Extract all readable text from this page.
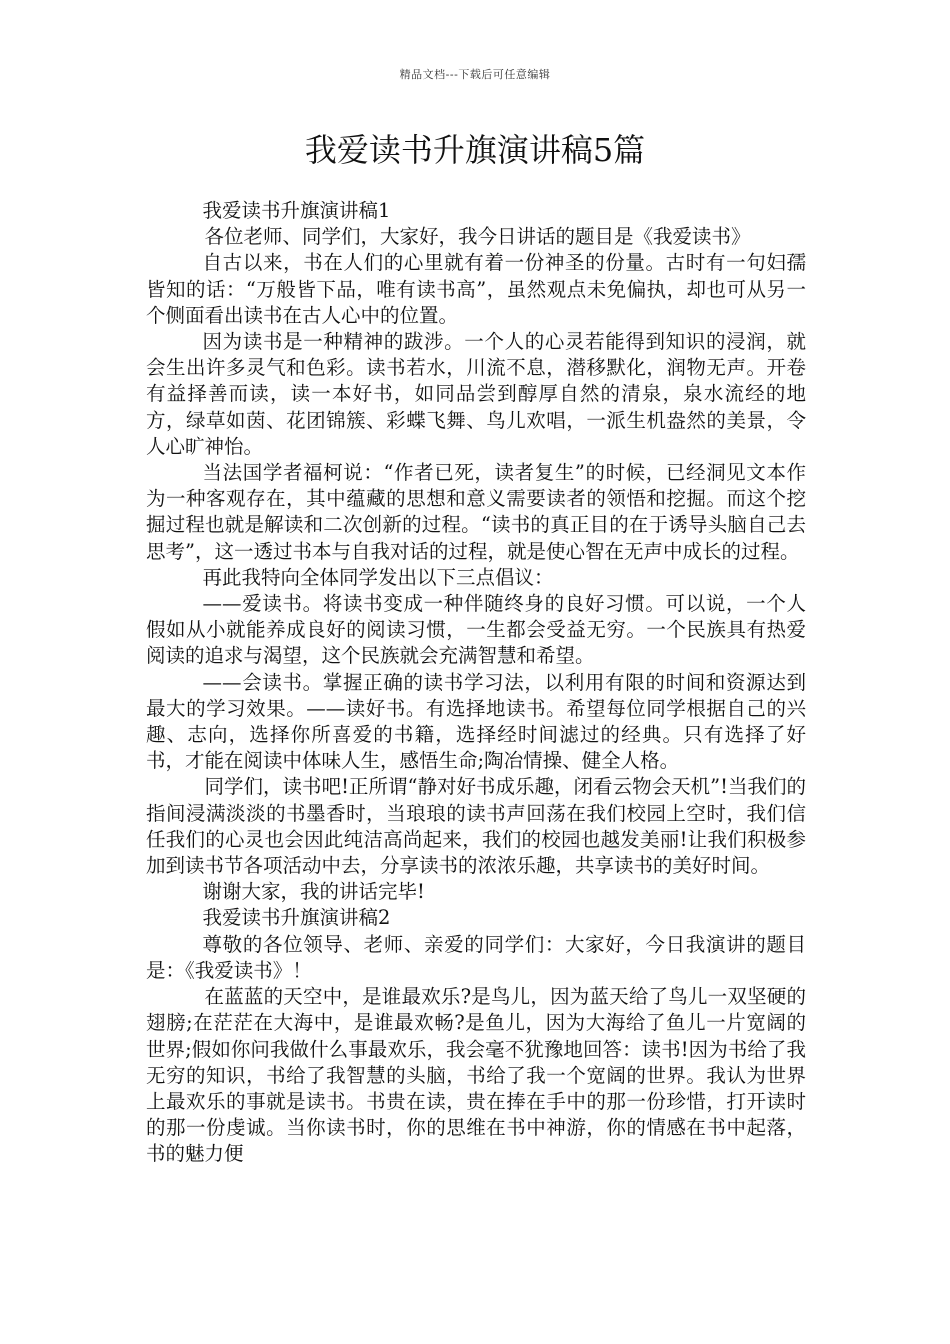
精品文档---下载后可任意编辑
我爱读书升旗演讲稿5篇

我爱读书升旗演讲稿1

各位老师、同学们，大家好，我今日讲话的题目是《我爱读书》

自古以来，书在人们的心里就有着一份神圣的份量。古时有一句妇孺皆知的话：“万般皆下品，唯有读书高”，虽然观点未免偏执，却也可从另一个侧面看出读书在古人心中的位置。

因为读书是一种精神的跋涉。一个人的心灵若能得到知识的浸润，就会生出许多灵气和色彩。读书若水，川流不息，潜移默化，润物无声。开卷有益择善而读，读一本好书，如同品尝到醇厚自然的清泉，泉水流经的地方，绿草如茵、花团锦簇、彩蝶飞舞、鸟儿欢唱，一派生机盎然的美景，令人心旷神怡。

当法国学者福柯说：“作者已死，读者复生”的时候，已经洞见文本作为一种客观存在，其中蕴藏的思想和意义需要读者的领悟和挖掘。而这个挖掘过程也就是解读和二次创新的过程。“读书的真正目的在于诱导头脑自己去思考”，这一透过书本与自我对话的过程，就是使心智在无声中成长的过程。

再此我特向全体同学发出以下三点倡议：

——爱读书。将读书变成一种伴随终身的良好习惯。可以说，一个人假如从小就能养成良好的阅读习惯，一生都会受益无穷。一个民族具有热爱阅读的追求与渴望，这个民族就会充满智慧和希望。

——会读书。掌握正确的读书学习法，以利用有限的时间和资源达到最大的学习效果。——读好书。有选择地读书。希望每位同学根据自己的兴趣、志向，选择你所喜爱的书籍，选择经时间滤过的经典。只有选择了好书，才能在阅读中体味人生，感悟生命;陶冶情操、健全人格。

同学们，读书吧!正所谓“静对好书成乐趣，闭看云物会天机”!当我们的指间浸满淡淡的书墨香时，当琅琅的读书声回荡在我们校园上空时，我们信任我们的心灵也会因此纯洁高尚起来，我们的校园也越发美丽!让我们积极参加到读书节各项活动中去，分享读书的浓浓乐趣，共享读书的美好时间。

谢谢大家，我的讲话完毕!

我爱读书升旗演讲稿2

尊敬的各位领导、老师、亲爱的同学们：大家好，今日我演讲的题目是：《我爱读书》！

在蓝蓝的天空中，是谁最欢乐?是鸟儿，因为蓝天给了鸟儿一双坚硬的翅膀;在茫茫在大海中，是谁最欢畅?是鱼儿，因为大海给了鱼儿一片宽阔的世界;假如你问我做什么事最欢乐，我会毫不犹豫地回答：读书!因为书给了我无穷的知识，书给了我智慧的头脑，书给了我一个宽阔的世界。我认为世界上最欢乐的事就是读书。书贵在读，贵在捧在手中的那一份珍惜，打开读时的那一份虔诚。当你读书时，你的思维在书中神游，你的情感在书中起落，书的魅力便
